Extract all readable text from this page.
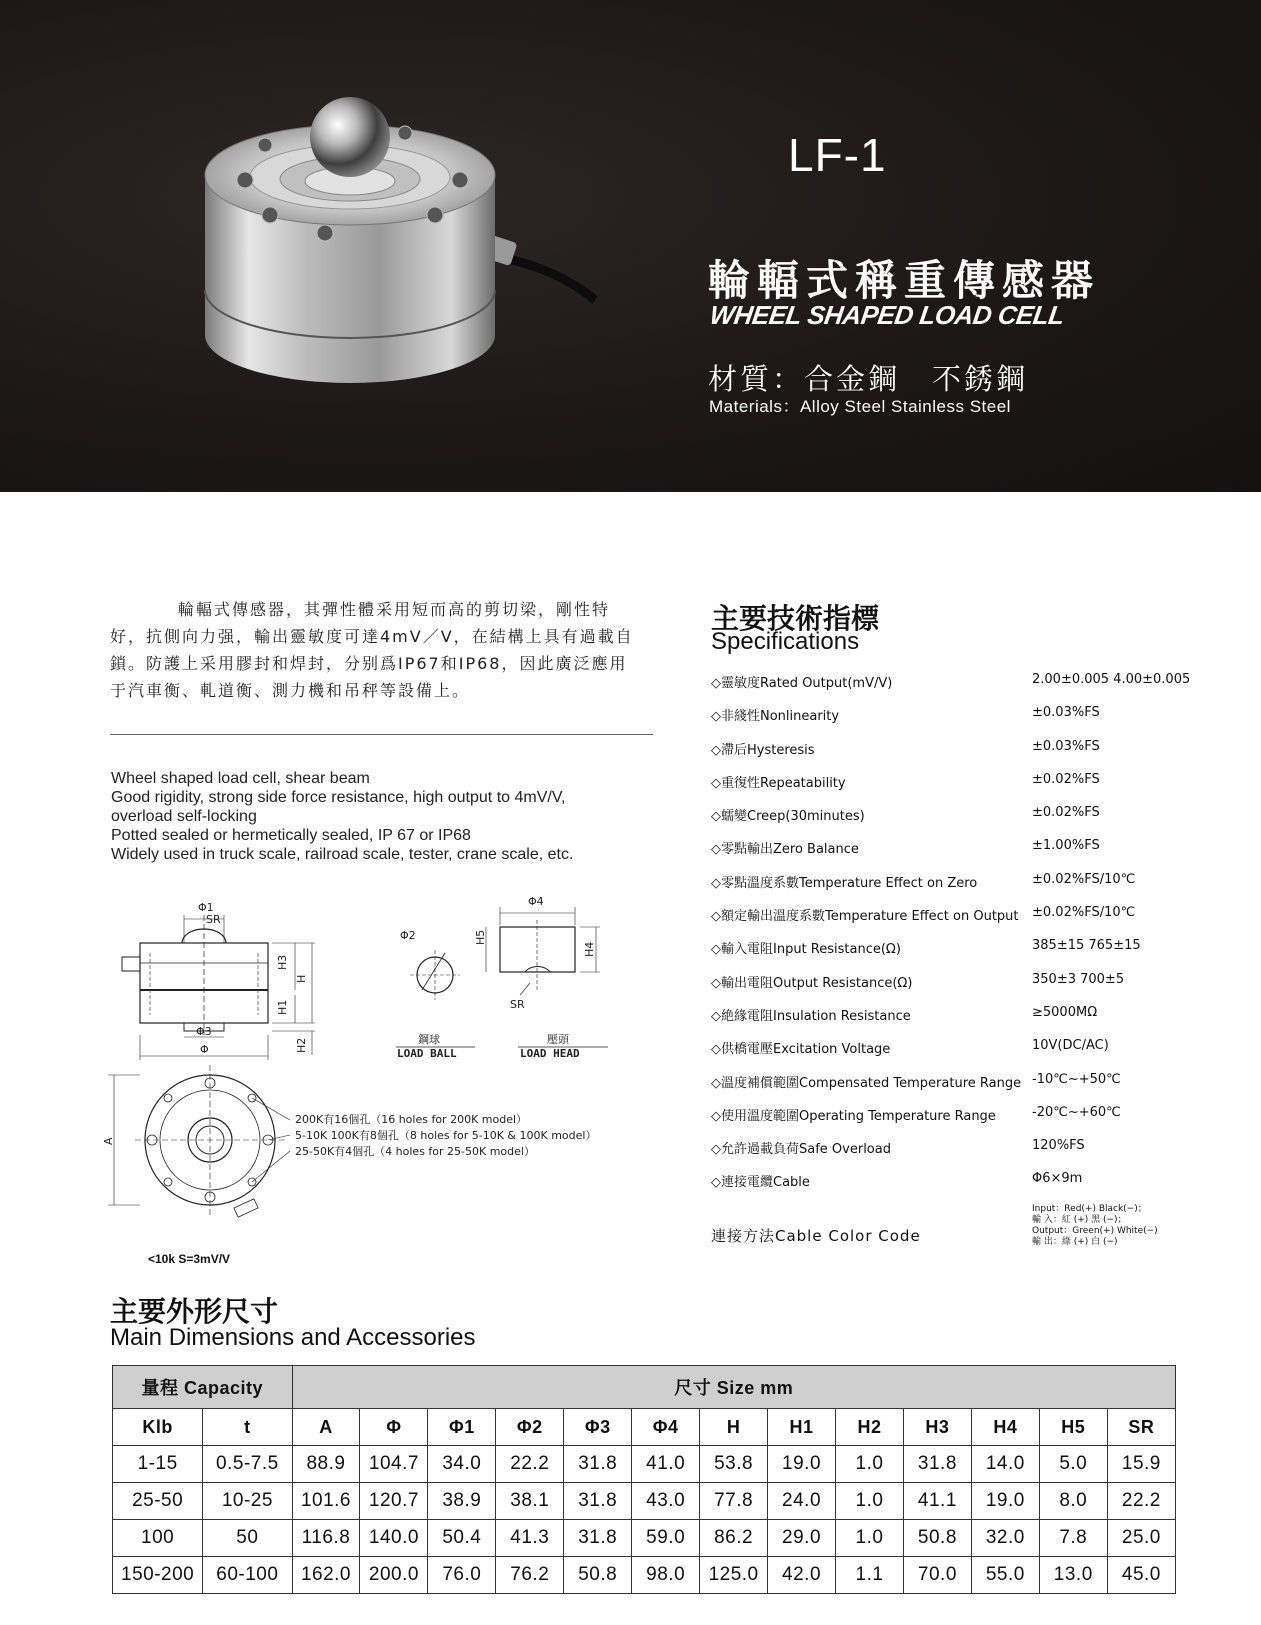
LF-1
輪輻式稱重傳感器
WHEEL SHAPED LOAD CELL
材質：合金鋼　不銹鋼
Materials：Alloy Steel Stainless Steel
輪輻式傳感器，其彈性體采用短而高的剪切梁，剛性特
好，抗側向力强，輸出靈敏度可達4mV／V，在結構上具有過載自
鎖。防護上采用膠封和焊封，分别爲IP67和IP68，因此廣泛應用
于汽車衡、軋道衡、測力機和吊秤等設備上。
Wheel shaped load cell, shear beam
Good rigidity, strong side force resistance, high output to 4mV/V,
overload self-locking
Potted sealed or hermetically sealed, IP 67 or IP68
Widely used in truck scale, railroad scale, tester, crane scale, etc.
Φ1
SR
H3
H
H1
H2
Φ3
Φ
Φ2
鋼球
LOAD BALL
Φ4
H4
H5
SR
壓頭
LOAD HEAD
A
200K有16個孔（16 holes for 200K model）
5-10K 100K有8個孔（8 holes for 5-10K & 100K model）
25-50K有4個孔（4 holes for 25-50K model）
<10k S=3mV/V
主要技術指標
Specifications
◇靈敏度Rated Output(mV/V)	2.00±0.005 4.00±0.005
◇非綫性Nonlinearity	±0.03%FS
◇滯后Hysteresis	±0.03%FS
◇重復性Repeatability	±0.02%FS
◇蠕變Creep(30minutes)	±0.02%FS
◇零點輸出Zero Balance	±1.00%FS
◇零點溫度系數Temperature Effect on Zero	±0.02%FS/10℃
◇額定輸出溫度系數Temperature Effect on Output ±0.02%FS/10℃
◇輸入電阻Input Resistance(Ω)	385±15 765±15
◇輸出電阻Output Resistance(Ω)	350±3 700±5
◇絶緣電阻Insulation Resistance	≥5000MΩ
◇供橋電壓Excitation Voltage	10V(DC/AC)
◇溫度補償範圍Compensated Temperature Range -10℃~+50℃
◇使用溫度範圍Operating Temperature Range	-20℃~+60℃
◇允許過載負荷Safe Overload	120%FS
◇連接電纜Cable	Φ6×9m
連接方法Cable Color Code
Input：Red(+) Black(−)；
輸 入：紅 (+) 黑 (−)；
Output：Green(+) White(−)
輸 出：綠 (+) 白 (−)
主要外形尺寸
Main Dimensions and Accessories
量程 Capacity		尺寸 Size mm												
Klb	t	A	Φ	Φ1	Φ2	Φ3	Φ4	H	H1	H2	H3	H4	H5	SR
1-15	0.5-7.5	88.9	104.7	34.0	22.2	31.8	41.0	53.8	19.0	1.0	31.8	14.0	5.0	15.9
25-50	10-25	101.6	120.7	38.9	38.1	31.8	43.0	77.8	24.0	1.0	41.1	19.0	8.0	22.2
100	50	116.8	140.0	50.4	41.3	31.8	59.0	86.2	29.0	1.0	50.8	32.0	7.8	25.0
150-200	60-100	162.0	200.0	76.0	76.2	50.8	98.0	125.0	42.0	1.1	70.0	55.0	13.0	45.0
